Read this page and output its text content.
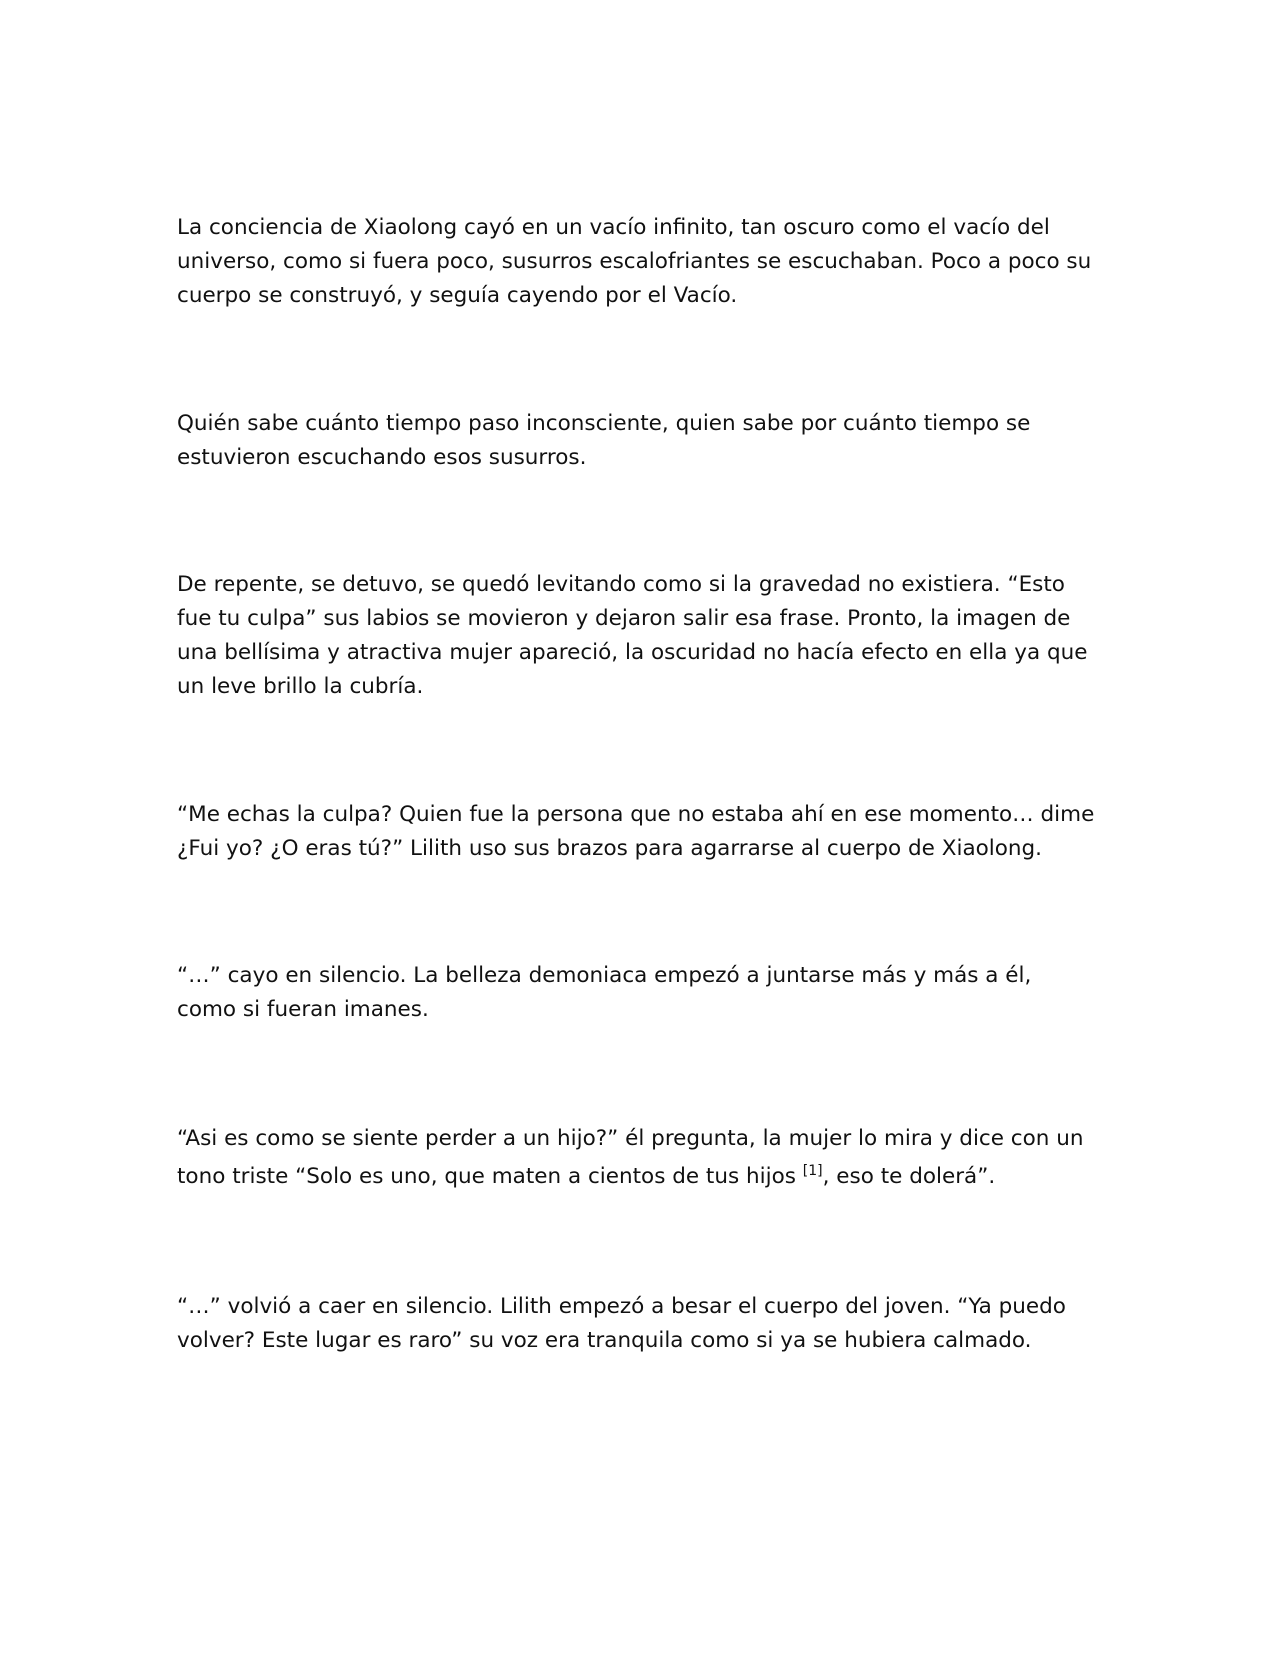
La conciencia de Xiaolong cayó en un vacío infinito, tan oscuro como el vacío del universo, como si fuera poco, susurros escalofriantes se escuchaban. Poco a poco su cuerpo se construyó, y seguía cayendo por el Vacío.

Quién sabe cuánto tiempo paso inconsciente, quien sabe por cuánto tiempo se estuvieron escuchando esos susurros.

De repente, se detuvo, se quedó levitando como si la gravedad no existiera. “Esto fue tu culpa” sus labios se movieron y dejaron salir esa frase. Pronto, la imagen de una bellísima y atractiva mujer apareció, la oscuridad no hacía efecto en ella ya que un leve brillo la cubría.

“Me echas la culpa? Quien fue la persona que no estaba ahí en ese momento… dime ¿Fui yo? ¿O eras tú?” Lilith uso sus brazos para agarrarse al cuerpo de Xiaolong.

“…” cayo en silencio. La belleza demoniaca empezó a juntarse más y más a él, como si fueran imanes.

“Asi es como se siente perder a un hijo?” él pregunta, la mujer lo mira y dice con un tono triste “Solo es uno, que maten a cientos de tus hijos [1], eso te dolerá”.

“…” volvió a caer en silencio. Lilith empezó a besar el cuerpo del joven. “Ya puedo volver? Este lugar es raro” su voz era tranquila como si ya se hubiera calmado.
